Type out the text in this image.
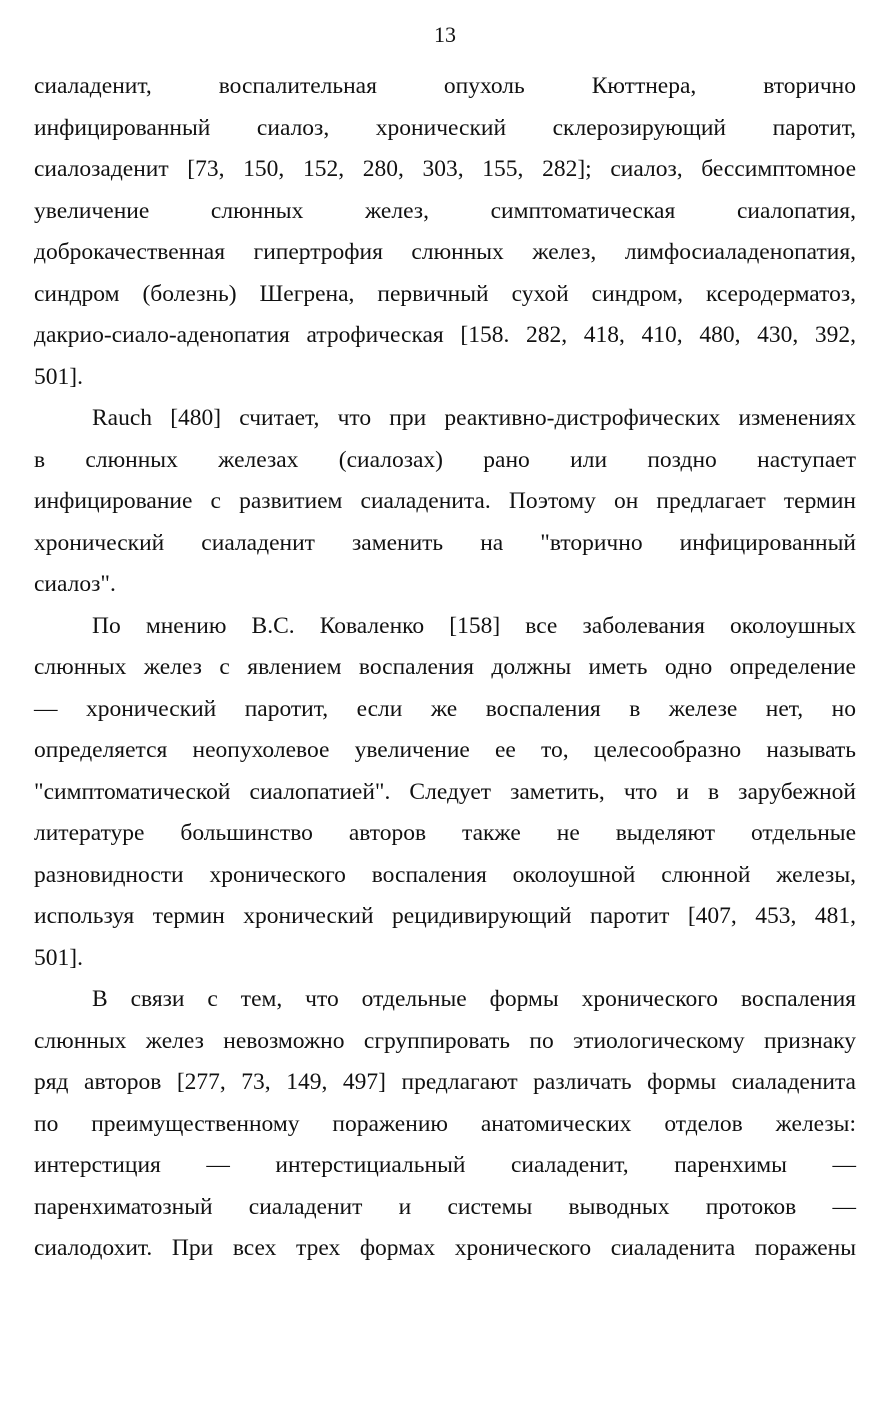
13
сиаладенит, воспалительная опухоль Кюттнера, вторично
инфицированный сиалоз, хронический склерозирующий паротит,
сиалозаденит [73, 150, 152, 280, 303, 155, 282]; сиалоз, бессимптомное
увеличение слюнных желез, симптоматическая сиалопатия,
доброкачественная гипертрофия слюнных желез, лимфосиаладенопатия,
синдром (болезнь) Шегрена, первичный сухой синдром, ксеродерматоз,
дакрио-сиало-аденопатия атрофическая [158. 282, 418, 410, 480, 430, 392,
501].
Rauch [480] считает, что при реактивно-дистрофических изменениях
в слюнных железах (сиалозах) рано или поздно наступает
инфицирование с развитием сиаладенита. Поэтому он предлагает термин
хронический сиаладенит заменить на "вторично инфицированный
сиалоз".
По мнению В.С. Коваленко [158] все заболевания околоушных
слюнных желез с явлением воспаления должны иметь одно определение
— хронический паротит, если же воспаления в железе нет, но
определяется неопухолевое увеличение ее то, целесообразно называть
"симптоматической сиалопатией". Следует заметить, что и в зарубежной
литературе большинство авторов также не выделяют отдельные
разновидности хронического воспаления околоушной слюнной железы,
используя термин хронический рецидивирующий паротит [407, 453, 481,
501].
В связи с тем, что отдельные формы хронического воспаления
слюнных желез невозможно сгруппировать по этиологическому признаку
ряд авторов [277, 73, 149, 497] предлагают различать формы сиаладенита
по преимущественному поражению анатомических отделов железы:
интерстиция — интерстициальный сиаладенит, паренхимы —
паренхиматозный сиаладенит и системы выводных протоков —
сиалодохит. При всех трех формах хронического сиаладенита поражены
